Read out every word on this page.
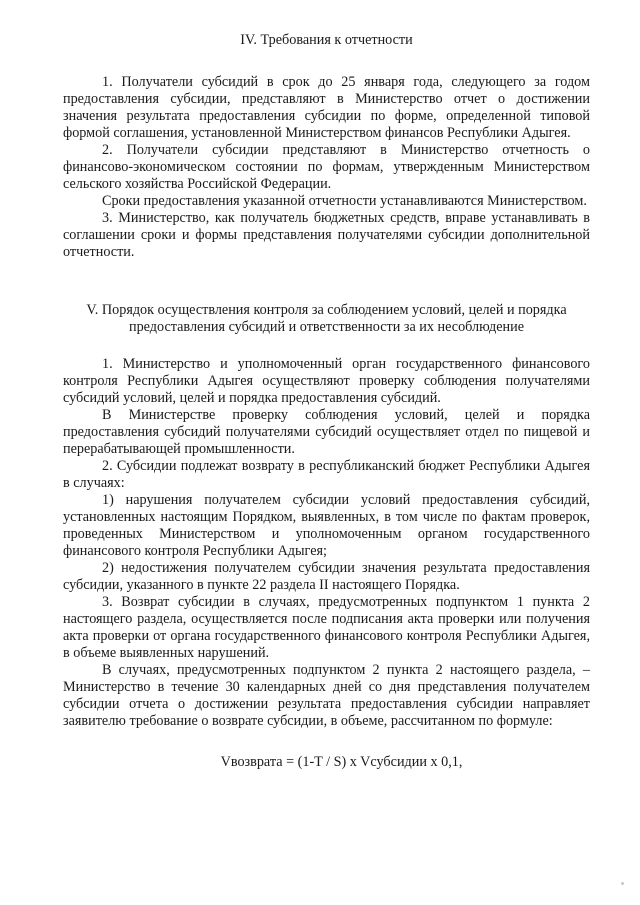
IV. Требования к отчетности

1. Получатели субсидий в срок до 25 января года, следующего за годом предоставления субсидии, представляют в Министерство отчет о достижении значения результата предоставления субсидии по форме, определенной типовой формой соглашения, установленной Министерством финансов Республики Адыгея.

2. Получатели субсидии представляют в Министерство отчетность о финансово-экономическом состоянии по формам, утвержденным Министерством сельского хозяйства Российской Федерации.

Сроки предоставления указанной отчетности устанавливаются Министерством.

3. Министерство, как получатель бюджетных средств, вправе устанавливать в соглашении сроки и формы представления получателями субсидии дополнительной отчетности.

V. Порядок осуществления контроля за соблюдением условий, целей и порядка
предоставления субсидий и ответственности за их несоблюдение

1. Министерство и уполномоченный орган государственного финансового контроля Республики Адыгея осуществляют проверку соблюдения получателями субсидий условий, целей и порядка предоставления субсидий.

В Министерстве проверку соблюдения условий, целей и порядка предоставления субсидий получателями субсидий осуществляет отдел по пищевой и перерабатывающей промышленности.

2. Субсидии подлежат возврату в республиканский бюджет Республики Адыгея в случаях:

1) нарушения получателем субсидии условий предоставления субсидий, установленных настоящим Порядком, выявленных, в том числе по фактам проверок, проведенных Министерством и уполномоченным органом государственного финансового контроля Республики Адыгея;

2) недостижения получателем субсидии значения результата предоставления субсидии, указанного в пункте 22 раздела II настоящего Порядка.

3. Возврат субсидии в случаях, предусмотренных подпунктом 1 пункта 2 настоящего раздела, осуществляется после подписания акта проверки или получения акта проверки от органа государственного финансового контроля Республики Адыгея, в объеме выявленных нарушений.

В случаях, предусмотренных подпунктом 2 пункта 2 настоящего раздела, – Министерство в течение 30 календарных дней со дня представления получателем субсидии отчета о достижении результата предоставления субсидии направляет заявителю требование о возврате субсидии, в объеме, рассчитанном по формуле:

Vвозврата = (1-T / S) x Vсубсидии x 0,1,
